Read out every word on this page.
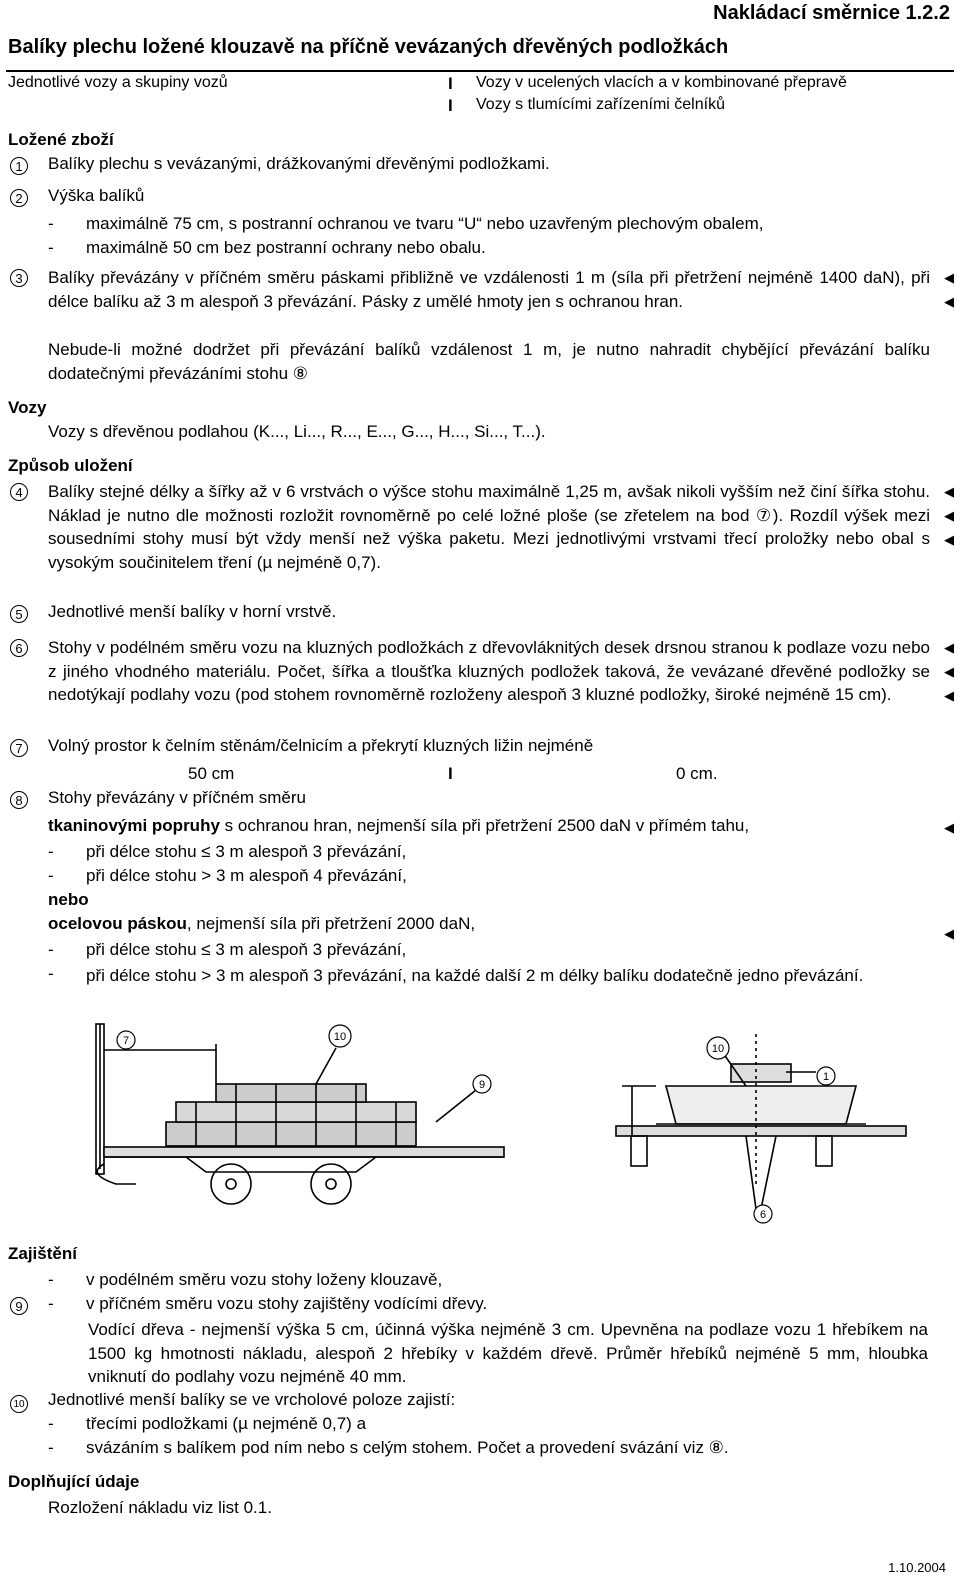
Nakládací směrnice 1.2.2
Balíky plechu ložené klouzavě na příčně vevázaných dřevěných podložkách
Jednotlivé vozy a skupiny vozů	I Vozy v ucelených vlacích a v kombinované přepravě
I Vozy s tlumícími zařízeními čelníků
Ložené zboží
1	Balíky plechu s vevázanými, drážkovanými dřevěnými podložkami.
2	Výška balíků
- maximálně 75 cm, s postranní ochranou ve tvaru “U“ nebo uzavřeným plechovým obalem,
- maximálně 50 cm bez postranní ochrany nebo obalu.
3	Balíky převázány v příčném směru páskami přibližně ve vzdálenosti 1 m (síla při přetržení nejméně 1400 daN), při délce balíku až 3 m alespoň 3 převázání. Pásky z umělé hmoty jen s ochranou hran.
Nebude-li možné dodržet při převázání balíků vzdálenost 1 m, je nutno nahradit chybějící převázání balíku dodatečnými převázáními stohu ⑧
◀
◀
Vozy
Vozy s dřevěnou podlahou (K..., Li..., R..., E..., G..., H..., Si..., T...).
Způsob uložení
4	Balíky stejné délky a šířky až v 6 vrstvách o výšce stohu maximálně 1,25 m, avšak nikoli vyšším než činí šířka stohu. Náklad je nutno dle možnosti rozložit rovnoměrně po celé ložné ploše (se zřetelem na bod ⑦). Rozdíl výšek mezi sousedními stohy musí být vždy menší než výška paketu. Mezi jednotlivými vrstvami třecí proložky nebo obal s vysokým součinitelem tření (µ nejméně 0,7).
◀
◀
◀
5	Jednotlivé menší balíky v horní vrstvě.
6	Stohy v podélném směru vozu na kluzných podložkách z dřevovláknitých desek drsnou stranou k podlaze vozu nebo z jiného vhodného materiálu. Počet, šířka a tloušťka kluzných podložek taková, že vevázané dřevěné podložky se nedotýkají podlahy vozu (pod stohem rovnoměrně rozloženy alespoň 3 kluzné podložky, široké nejméně 15 cm).
◀
◀
◀
7	Volný prostor k čelním stěnám/čelnicím a překrytí kluzných ližin nejméně
50 cm	I	0 cm.
8	Stohy převázány v příčném směru
tkaninovými popruhy s ochranou hran, nejmenší síla při přetržení 2500 daN v přímém tahu,	◀
- při délce stohu ≤ 3 m alespoň 3 převázání,
- při délce stohu > 3 m alespoň 4 převázání,
nebo
ocelovou páskou, nejmenší síla při přetržení 2000 daN,
- při délce stohu ≤ 3 m alespoň 3 převázání,
◀
- při délce stohu > 3 m alespoň 3 převázání, na každé další 2 m délky balíku dodatečně jedno převázání.
7	10
9
10
1
6
Zajištění
- v podélném směru vozu stohy loženy klouzavě,
9	- v příčném směru vozu stohy zajištěny vodícími dřevy.
Vodící dřeva - nejmenší výška 5 cm, účinná výška nejméně 3 cm. Upevněna na podlaze vozu 1 hřebíkem na 1500 kg hmotnosti nákladu, alespoň 2 hřebíky v každém dřevě. Průměr hřebíků nejméně 5 mm, hloubka vniknutí do podlahy vozu nejméně 40 mm.
10 Jednotlivé menší balíky se ve vrcholové poloze zajistí:
- třecími podložkami (µ nejméně 0,7) a
- svázáním s balíkem pod ním nebo s celým stohem. Počet a provedení svázání viz ⑧.
Doplňující údaje
Rozložení nákladu viz list 0.1.
1.10.2004
